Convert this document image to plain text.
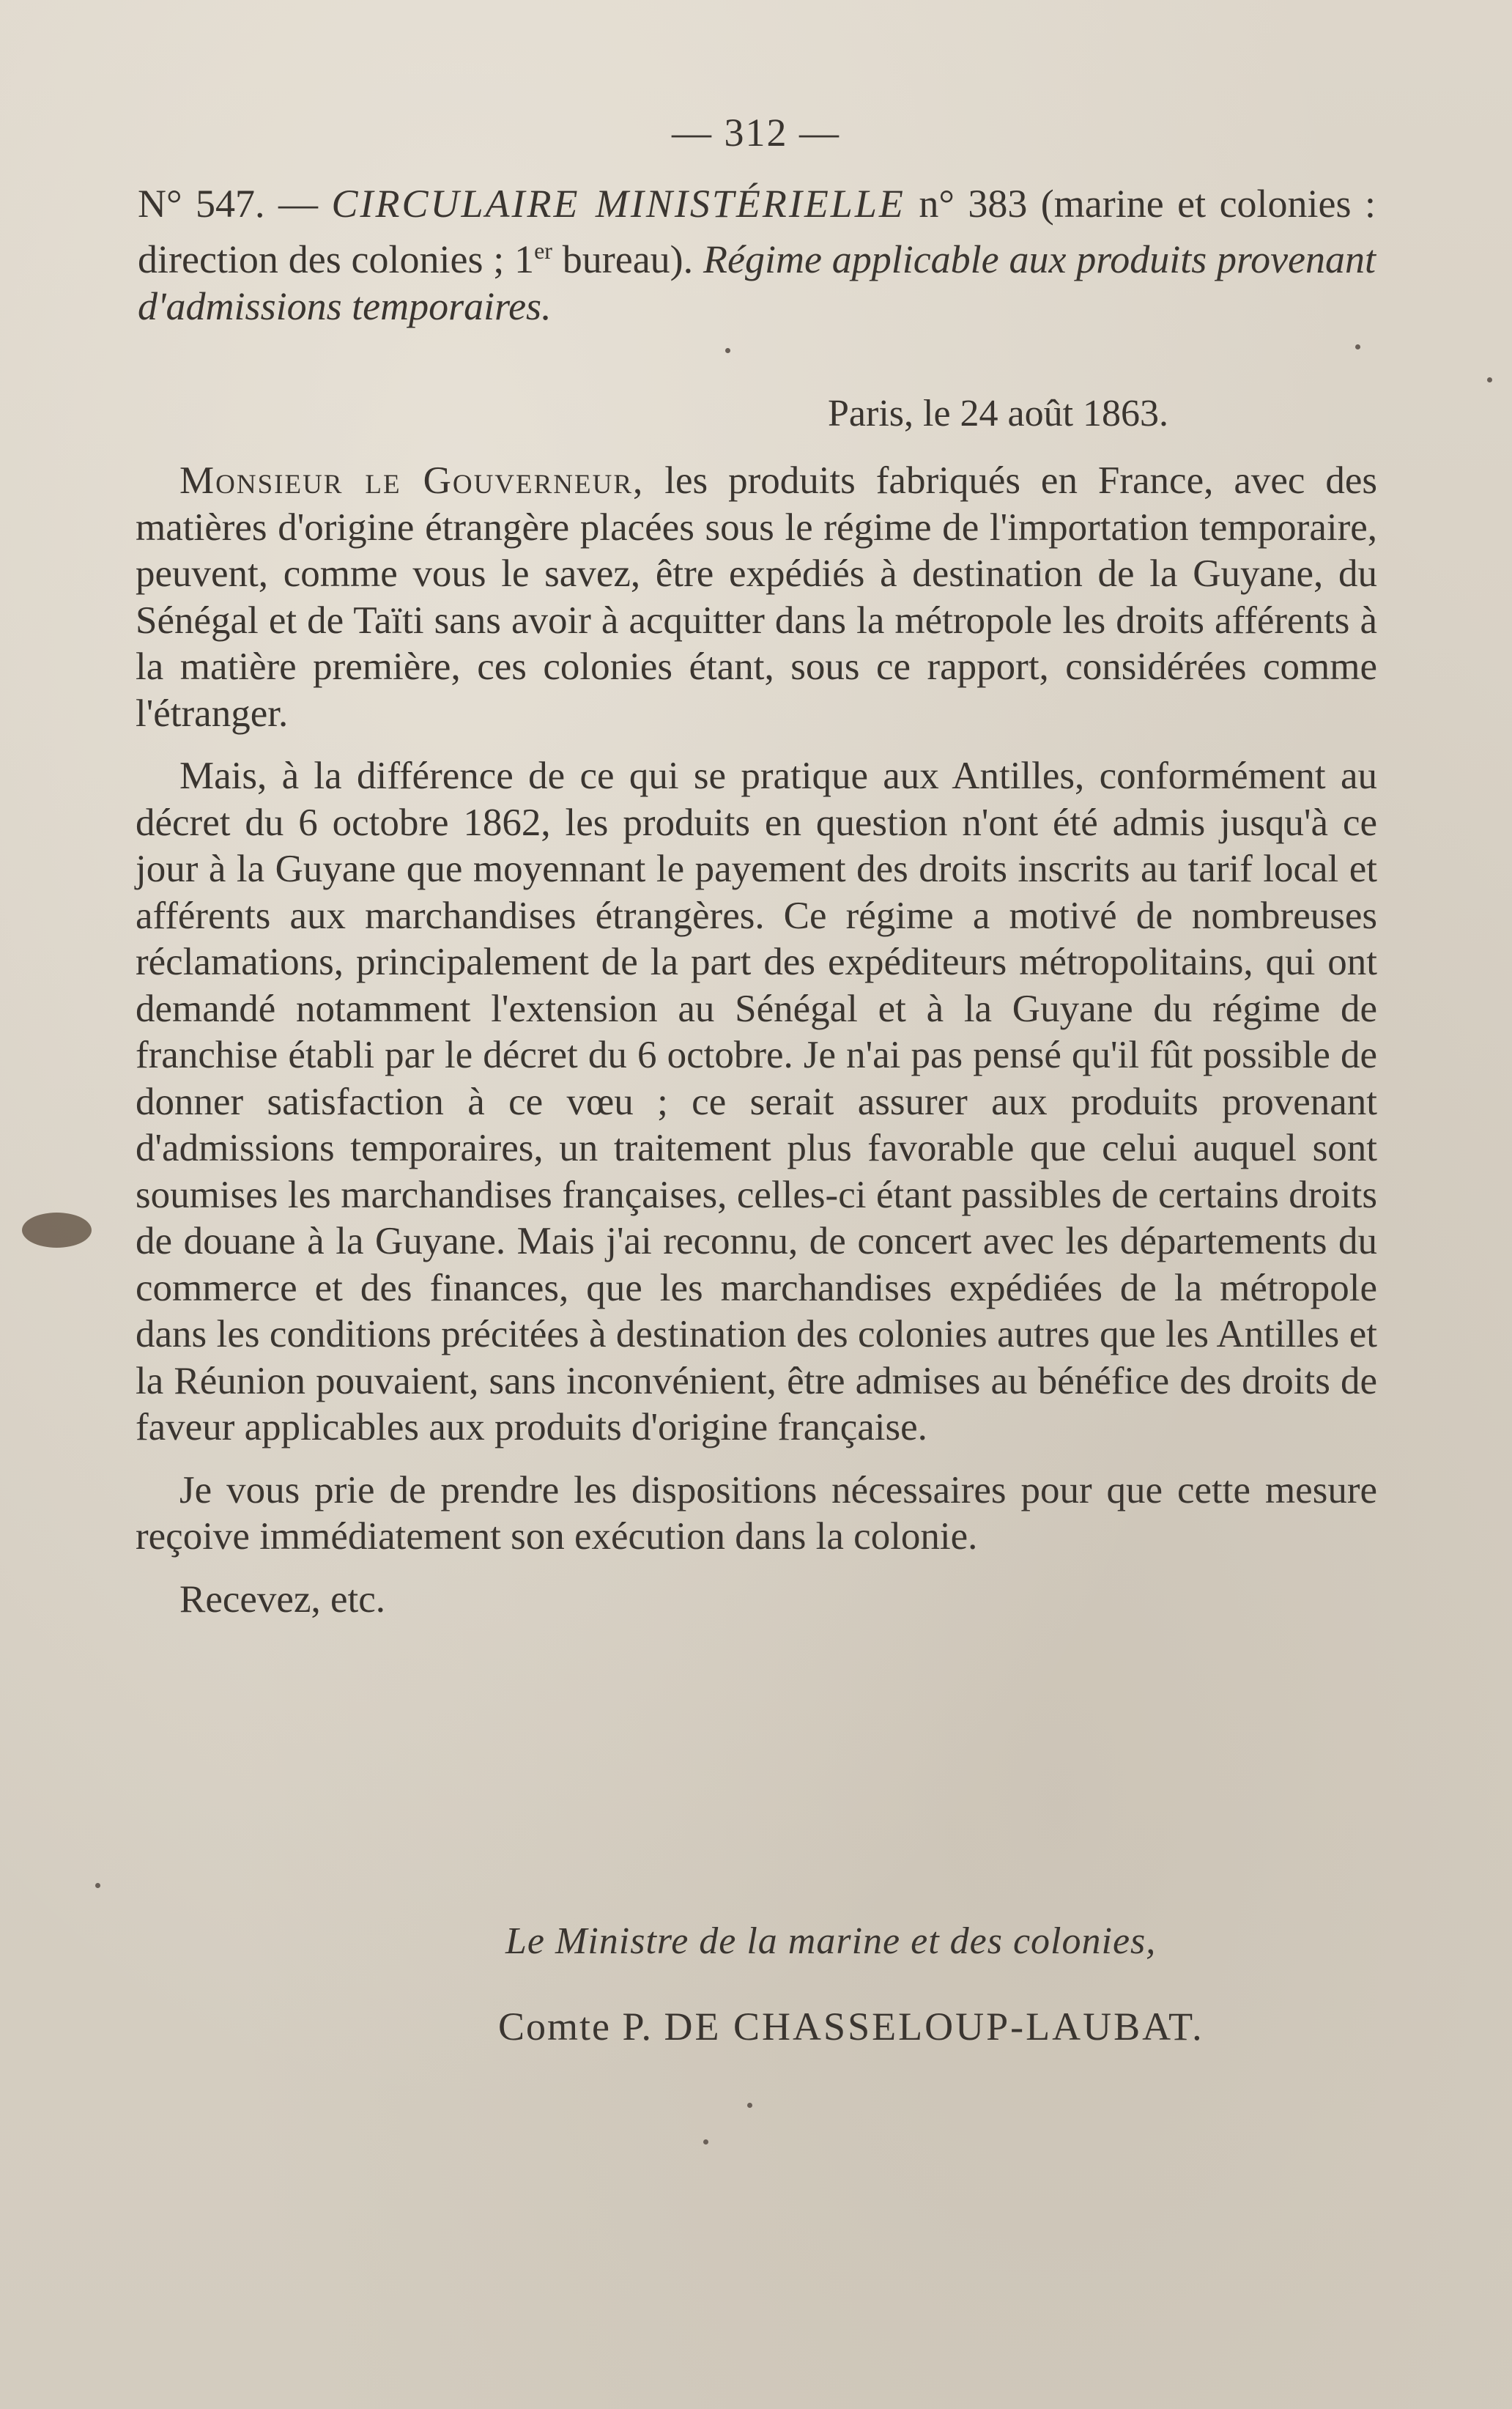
— 312 —
N° 547. — CIRCULAIRE MINISTÉRIELLE n° 383 (marine et colonies : direction des colonies ; 1er bureau). Régime applicable aux produits provenant d'admissions temporaires.
Paris, le 24 août 1863.

Monsieur le Gouverneur, les produits fabriqués en France, avec des matières d'origine étrangère placées sous le régime de l'importation temporaire, peuvent, comme vous le savez, être expédiés à destination de la Guyane, du Sénégal et de Taïti sans avoir à acquitter dans la métropole les droits afférents à la matière première, ces colonies étant, sous ce rapport, considérées comme l'étranger.

Mais, à la différence de ce qui se pratique aux Antilles, conformément au décret du 6 octobre 1862, les produits en question n'ont été admis jusqu'à ce jour à la Guyane que moyennant le payement des droits inscrits au tarif local et afférents aux marchandises étrangères. Ce régime a motivé de nombreuses réclamations, principalement de la part des expéditeurs métropolitains, qui ont demandé notamment l'extension au Sénégal et à la Guyane du régime de franchise établi par le décret du 6 octobre. Je n'ai pas pensé qu'il fût possible de donner satisfaction à ce vœu ; ce serait assurer aux produits provenant d'admissions temporaires, un traitement plus favorable que celui auquel sont soumises les marchandises françaises, celles-ci étant passibles de certains droits de douane à la Guyane. Mais j'ai reconnu, de concert avec les départements du commerce et des finances, que les marchandises expédiées de la métropole dans les conditions précitées à destination des colonies autres que les Antilles et la Réunion pouvaient, sans inconvénient, être admises au bénéfice des droits de faveur applicables aux produits d'origine française.

Je vous prie de prendre les dispositions nécessaires pour que cette mesure reçoive immédiatement son exécution dans la colonie.

Recevez, etc.

Le Ministre de la marine et des colonies,
Comte P. DE CHASSELOUP-LAUBAT.
